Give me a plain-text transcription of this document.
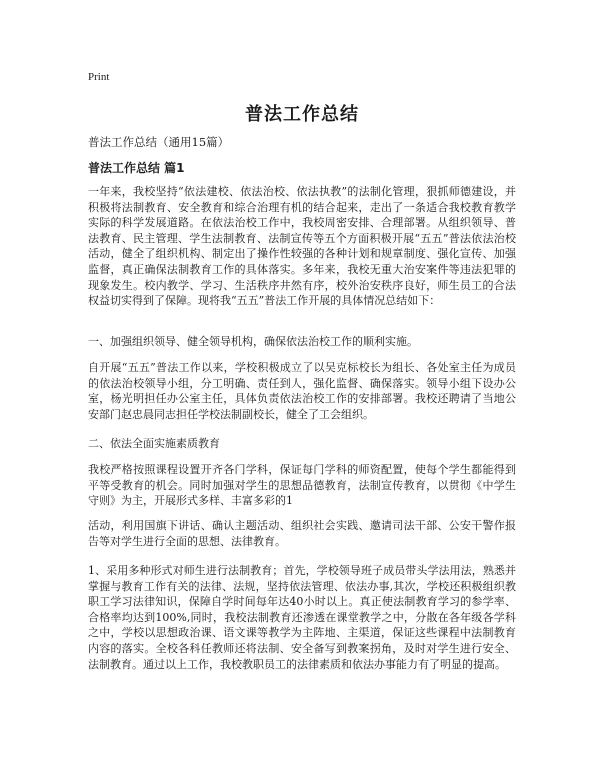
Print
普法工作总结
普法工作总结（通用15篇）
普法工作总结 篇1

一年来，我校坚持“依法建校、依法治校、依法执教”的法制化管理，狠抓师德建设，并积极将法制教育、安全教育和综合治理有机的结合起来，走出了一条适合我校教育教学实际的科学发展道路。在依法治校工作中，我校周密安排、合理部署。从组织领导、普法教育、民主管理、学生法制教育、法制宣传等五个方面积极开展“五五”普法依法治校活动，健全了组织机构、制定出了操作性较强的各种计划和规章制度、强化宣传、加强监督，真正确保法制教育工作的具体落实。多年来，我校无重大治安案件等违法犯罪的现象发生。校内教学、学习、生活秩序井然有序，校外治安秩序良好，师生员工的合法权益切实得到了保障。现将我“五五”普法工作开展的具体情况总结如下：

一、加强组织领导、健全领导机构，确保依法治校工作的顺利实施。

自开展“五五”普法工作以来，学校积极成立了以吴克标校长为组长、各处室主任为成员的依法治校领导小组，分工明确、责任到人，强化监督、确保落实。领导小组下设办公室，杨光明担任办公室主任，具体负责依法治校工作的安排部署。我校还聘请了当地公安部门赵忠晨同志担任学校法制副校长，健全了工会组织。

二、依法全面实施素质教育

我校严格按照课程设置开齐各门学科，保证每门学科的师资配置，使每个学生都能得到平等受教育的机会。同时加强对学生的思想品德教育，法制宣传教育，以贯彻《中学生守则》为主，开展形式多样、丰富多彩的1

活动，利用国旗下讲话、确认主题活动、组织社会实践、邀请司法干部、公安干警作报告等对学生进行全面的思想、法律教育。

1、采用多种形式对师生进行法制教育；首先，学校领导班子成员带头学法用法，熟悉并掌握与教育工作有关的法律、法规，坚持依法管理、依法办事,其次，学校还积极组织教职工学习法律知识，保障自学时间每年达40小时以上。真正使法制教育学习的参学率、合格率均达到100%,同时，我校法制教育还渗透在课堂教学之中，分散在各年级各学科之中，学校以思想政治课、语文课等教学为主阵地、主渠道，保证这些课程中法制教育内容的落实。全校各科任教师还将法制、安全备写到教案拐角，及时对学生进行安全、法制教育。通过以上工作，我校教职员工的法律素质和依法办事能力有了明显的提高。
